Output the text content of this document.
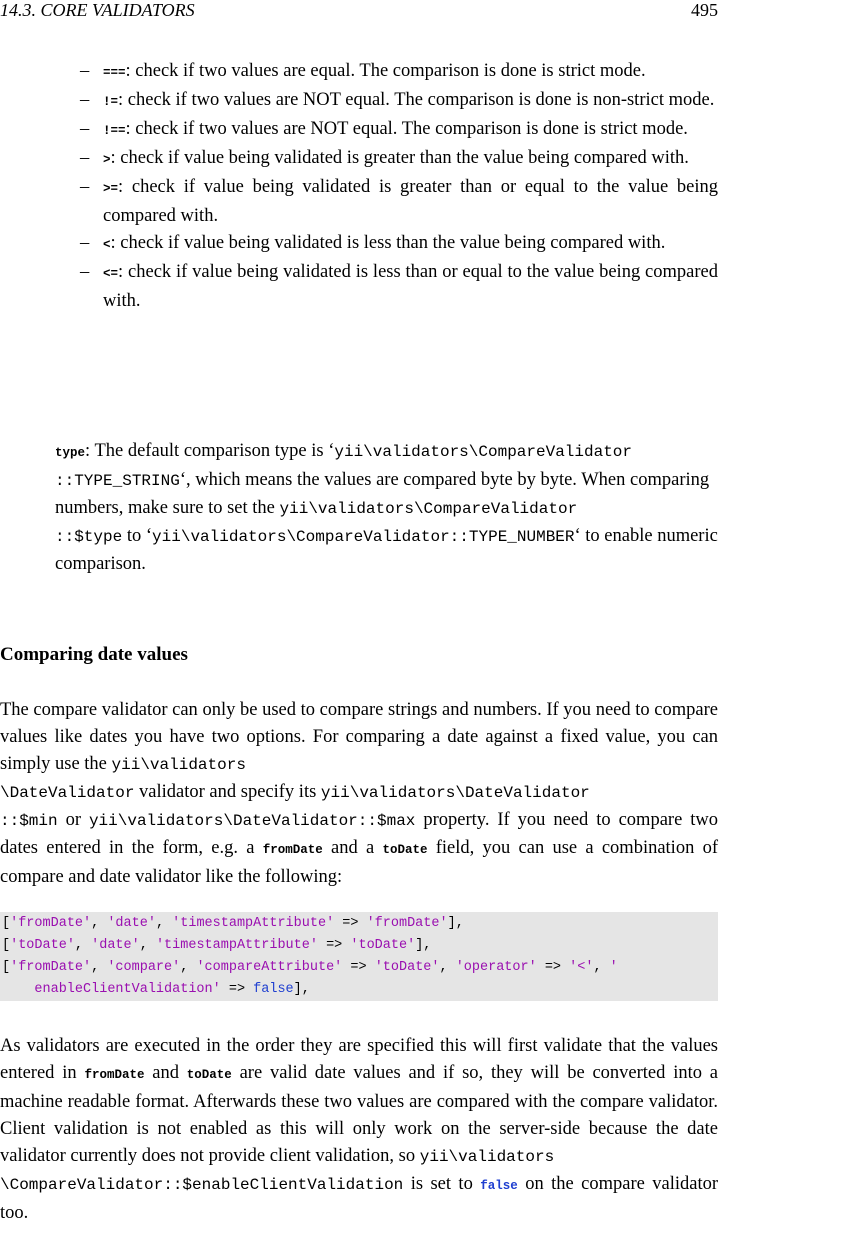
14.3. CORE VALIDATORS	495
– ===: check if two values are equal. The comparison is done is strict mode.
– !=: check if two values are NOT equal. The comparison is done is non-strict mode.
– !==: check if two values are NOT equal. The comparison is done is strict mode.
– >: check if value being validated is greater than the value being compared with.
– >=: check if value being validated is greater than or equal to the value being compared with.
– <: check if value being validated is less than the value being compared with.
– <=: check if value being validated is less than or equal to the value being compared with.
type: The default comparison type is ‘yii\validators\CompareValidator
::TYPE_STRING‘, which means the values are compared byte by byte. When comparing numbers, make sure to set the yii\validators\CompareValidator
::$type to ‘yii\validators\CompareValidator::TYPE_NUMBER‘ to enable numeric comparison.
Comparing date values
The compare validator can only be used to compare strings and numbers. If you need to compare values like dates you have two options. For comparing a date against a fixed value, you can simply use the yii\validators
\DateValidator validator and specify its yii\validators\DateValidator
::$min or yii\validators\DateValidator::$max property. If you need to compare two dates entered in the form, e.g. a fromDate and a toDate field, you can use a combination of compare and date validator like the following:
['fromDate', 'date', 'timestampAttribute' => 'fromDate'],
['toDate', 'date', 'timestampAttribute' => 'toDate'],
['fromDate', 'compare', 'compareAttribute' => 'toDate', 'operator' => '<', '
enableClientValidation' => false],
As validators are executed in the order they are specified this will first validate that the values entered in fromDate and toDate are valid date values and if so, they will be converted into a machine readable format. Afterwards these two values are compared with the compare validator. Client validation is not enabled as this will only work on the server-side because the date validator currently does not provide client validation, so yii\validators
\CompareValidator::$enableClientValidation is set to false on the compare validator too.
